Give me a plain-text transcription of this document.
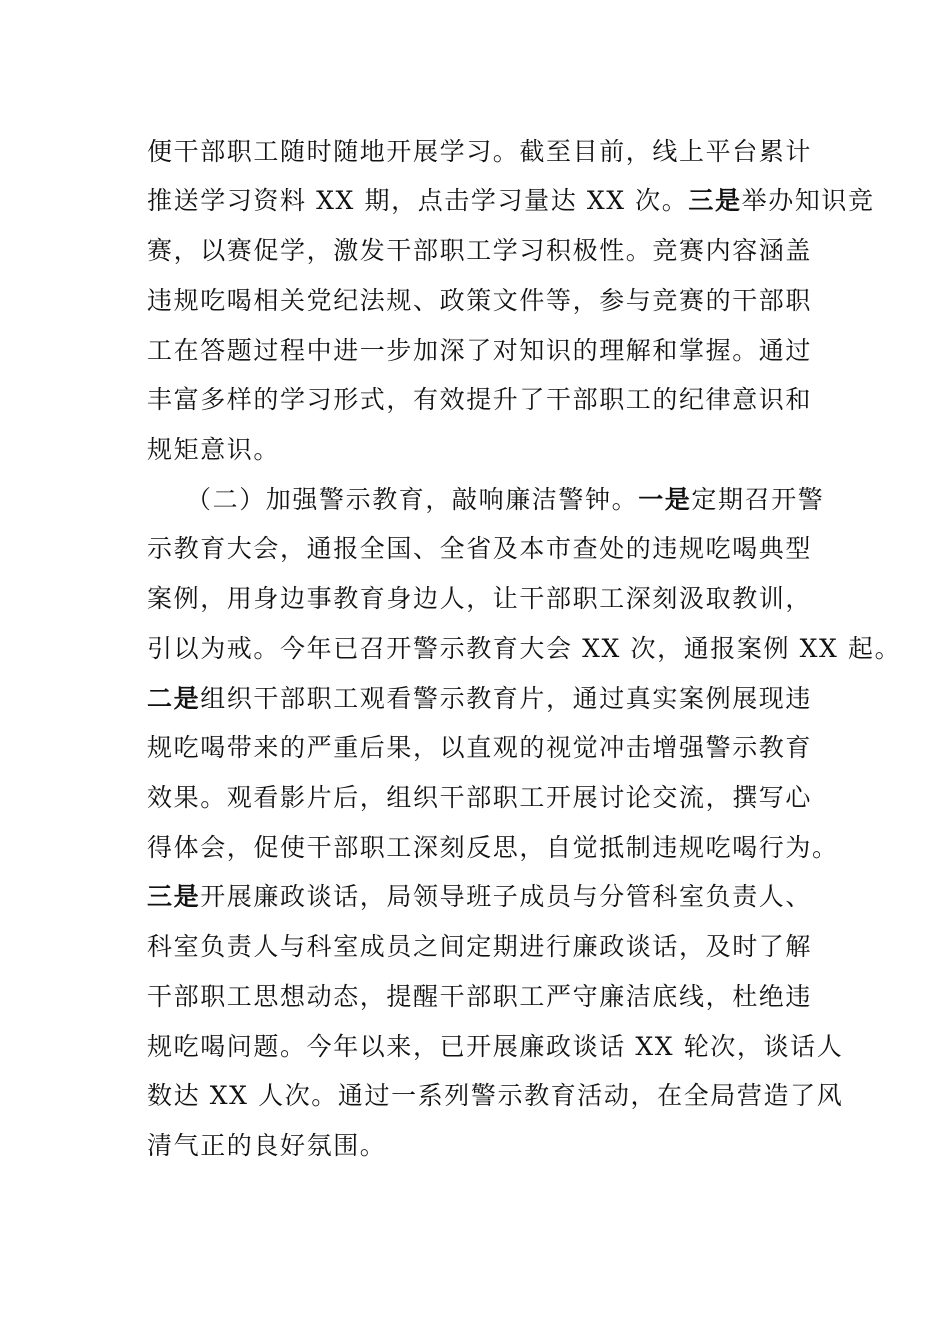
便干部职工随时随地开展学习。截至目前，线上平台累计
推送学习资料 XX 期，点击学习量达 XX 次。三是举办知识竞
赛，以赛促学，激发干部职工学习积极性。竞赛内容涵盖
违规吃喝相关党纪法规、政策文件等，参与竞赛的干部职
工在答题过程中进一步加深了对知识的理解和掌握。通过
丰富多样的学习形式，有效提升了干部职工的纪律意识和
规矩意识。
（二）加强警示教育，敲响廉洁警钟。一是定期召开警
示教育大会，通报全国、全省及本市查处的违规吃喝典型
案例，用身边事教育身边人，让干部职工深刻汲取教训，
引以为戒。今年已召开警示教育大会 XX 次，通报案例 XX 起。
二是组织干部职工观看警示教育片，通过真实案例展现违
规吃喝带来的严重后果，以直观的视觉冲击增强警示教育
效果。观看影片后，组织干部职工开展讨论交流，撰写心
得体会，促使干部职工深刻反思，自觉抵制违规吃喝行为。
三是开展廉政谈话，局领导班子成员与分管科室负责人、
科室负责人与科室成员之间定期进行廉政谈话，及时了解
干部职工思想动态，提醒干部职工严守廉洁底线，杜绝违
规吃喝问题。今年以来，已开展廉政谈话 XX 轮次，谈话人
数达 XX 人次。通过一系列警示教育活动，在全局营造了风
清气正的良好氛围。
